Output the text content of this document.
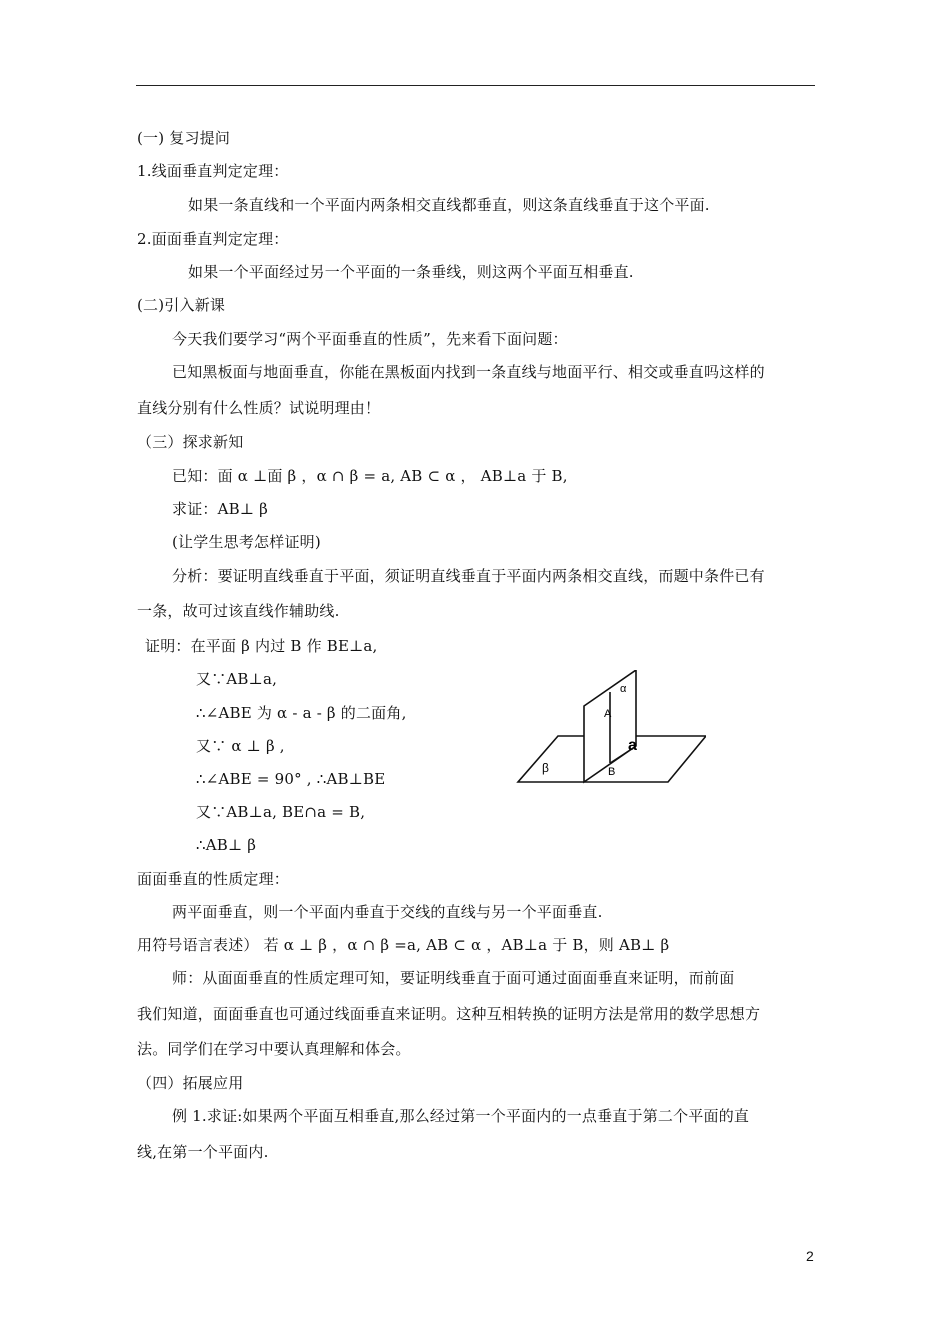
(一) 复习提问
1.线面垂直判定定理：
如果一条直线和一个平面内两条相交直线都垂直，则这条直线垂直于这个平面.
2.面面垂直判定定理：
如果一个平面经过另一个平面的一条垂线，则这两个平面互相垂直.
(二)引入新课
今天我们要学习“两个平面垂直的性质”，先来看下面问题：
已知黑板面与地面垂直，你能在黑板面内找到一条直线与地面平行、相交或垂直吗这样的
直线分别有什么性质？试说明理由！
（三）探求新知
已知：面 α ⊥面 β ，α ∩ β = a, AB ⊂ α ， AB⊥a 于 B,
求证：AB⊥ β
(让学生思考怎样证明)
分析：要证明直线垂直于平面，须证明直线垂直于平面内两条相交直线，而题中条件已有
一条，故可过该直线作辅助线.
证明：在平面 β 内过 B 作 BE⊥a,
又∵AB⊥a,
∴∠ABE 为 α - a - β 的二面角,
又∵ α ⊥ β ,
∴∠ABE = 90° , ∴AB⊥BE
又∵AB⊥a, BE∩a = B,
∴AB⊥ β
面面垂直的性质定理：
两平面垂直，则一个平面内垂直于交线的直线与另一个平面垂直.
用符号语言表述） 若 α ⊥ β ，α ∩ β =a, AB ⊂ α ，AB⊥a 于 B，则 AB⊥ β
师：从面面垂直的性质定理可知，要证明线垂直于面可通过面面垂直来证明，而前面
我们知道，面面垂直也可通过线面垂直来证明。这种互相转换的证明方法是常用的数学思想方
法。同学们在学习中要认真理解和体会。
（四）拓展应用
例 1.求证:如果两个平面互相垂直,那么经过第一个平面内的一点垂直于第二个平面的直
线,在第一个平面内.
α
A
a
β	B
2
